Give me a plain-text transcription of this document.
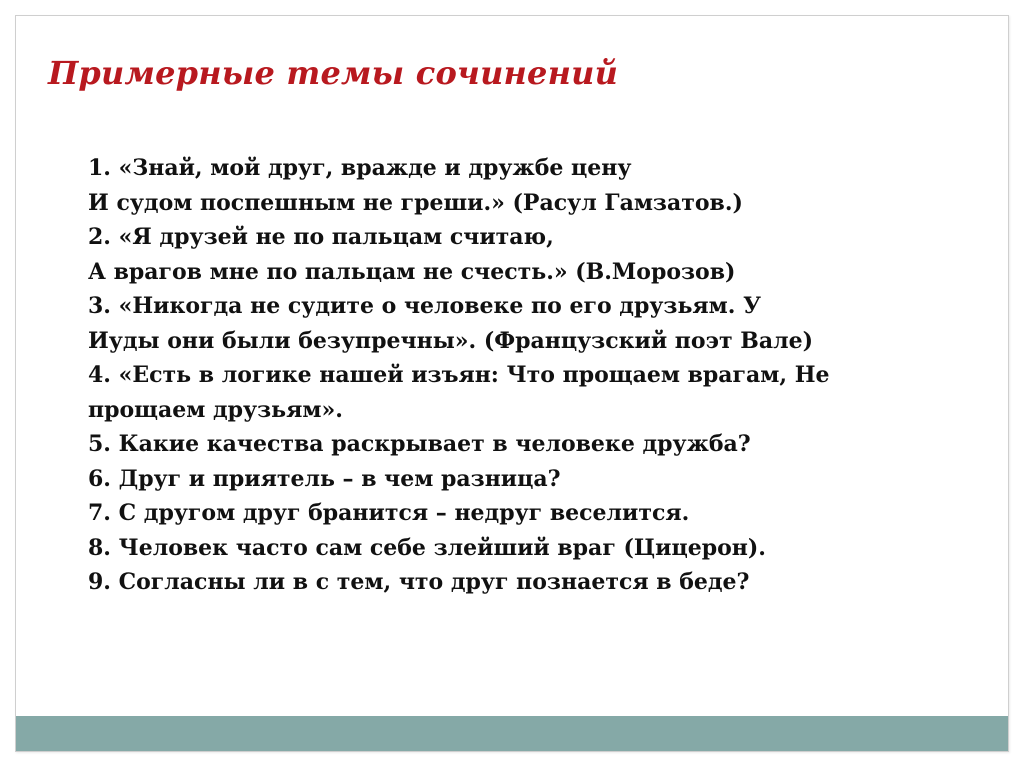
Примерные темы сочинений
1. «Знай, мой друг, вражде и дружбе цену
И судом поспешным не греши.» (Расул Гамзатов.)
2. «Я друзей не по пальцам считаю,
А врагов мне по пальцам не счесть.» (В.Морозов)
3. «Никогда не судите о человеке по его друзьям. У
Иуды они были безупречны». (Французский поэт Вале)
4. «Есть в логике нашей изъян: Что прощаем врагам, Не
прощаем друзьям».
5. Какие качества раскрывает в человеке дружба?
6. Друг и приятель – в чем разница?
7. С другом друг бранится – недруг веселится.
8. Человек часто сам себе злейший враг (Цицерон).
9. Согласны ли в с тем, что друг познается в беде?
